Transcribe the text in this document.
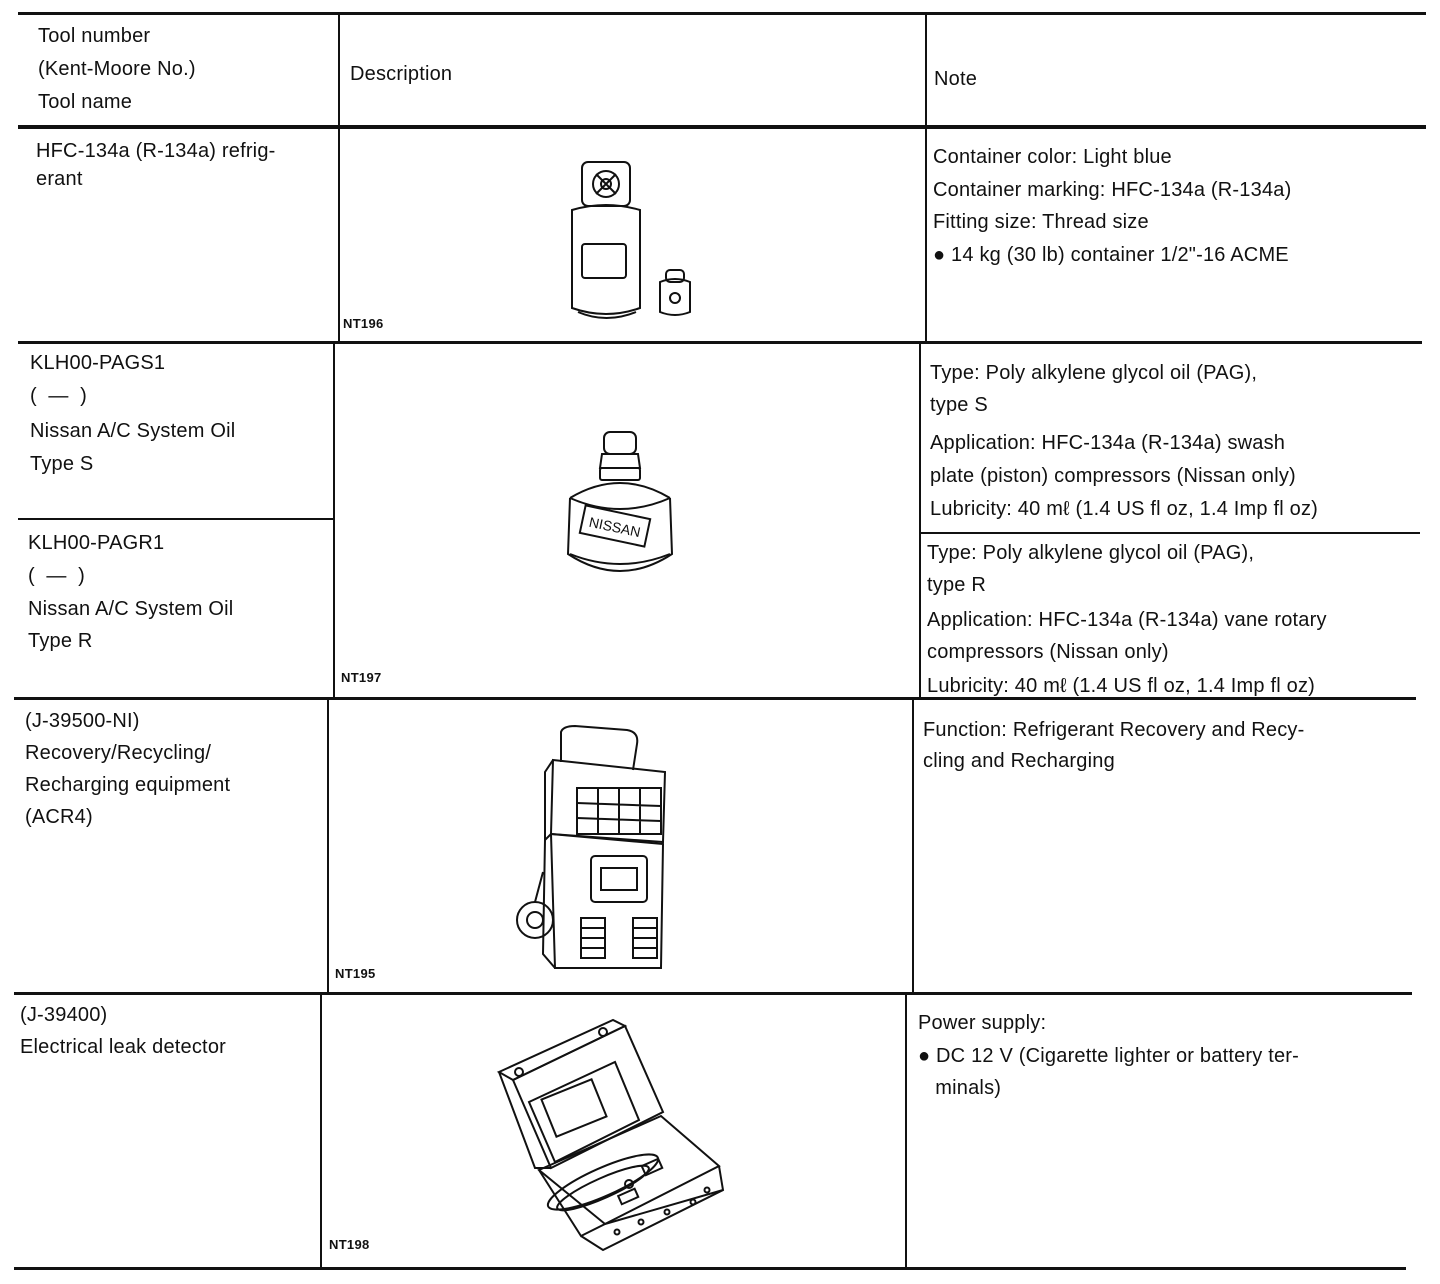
Tool number
(Kent-Moore No.)
Tool name
Description	Note
HFC-134a (R-134a) refrig-
erant
Container color: Light blue
Container marking: HFC-134a (R-134a)
Fitting size: Thread size
● 14 kg (30 lb) container 1/2"-16 ACME
NT196
KLH00-PAGS1
(  —  )
Nissan A/C System Oil
Type S
Type: Poly alkylene glycol oil (PAG),
type S
Application: HFC-134a (R-134a) swash
plate (piston) compressors (Nissan only)
Lubricity: 40 mℓ (1.4 US fl oz, 1.4 Imp fl oz)
KLH00-PAGR1
(  —  )
Nissan A/C System Oil
Type R
Type: Poly alkylene glycol oil (PAG),
type R
Application: HFC-134a (R-134a) vane rotary
compressors (Nissan only)
Lubricity: 40 mℓ (1.4 US fl oz, 1.4 Imp fl oz)
NT197
NISSAN
(J-39500-NI)
Recovery/Recycling/
Recharging equipment
(ACR4)
Function: Refrigerant Recovery and Recy-
cling and Recharging
NT195
(J-39400)
Electrical leak detector
Power supply:
● DC 12 V (Cigarette lighter or battery ter-
minals)
NT198
